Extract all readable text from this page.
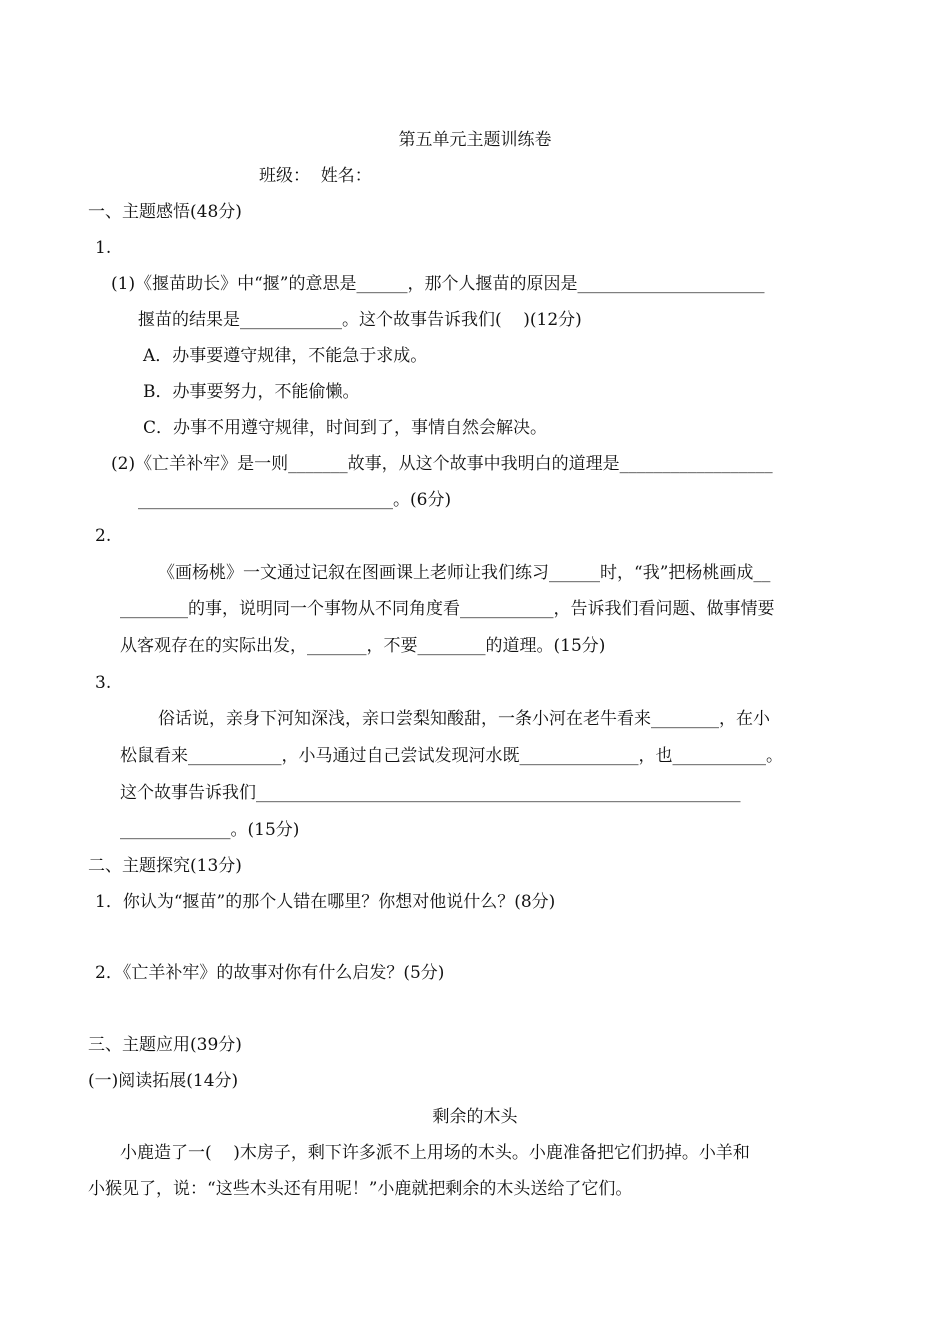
第五单元主题训练卷
班级：  姓名：
一、主题感悟(48分)
1.
(1)《揠苗助长》中“揠”的意思是______，那个人揠苗的原因是______________________
揠苗的结果是____________。这个故事告诉我们(    )(12分)
A．办事要遵守规律，不能急于求成。
B．办事要努力，不能偷懒。
C．办事不用遵守规律，时间到了，事情自然会解决。
(2)《亡羊补牢》是一则_______故事，从这个故事中我明白的道理是__________________
______________________________。(6分)
2.
《画杨桃》一文通过记叙在图画课上老师让我们练习______时，“我”把杨桃画成__
________的事，说明同一个事物从不同角度看___________，告诉我们看问题、做事情要
从客观存在的实际出发，_______，不要________的道理。(15分)
3.
俗话说，亲身下河知深浅，亲口尝梨知酸甜，一条小河在老牛看来________，在小
松鼠看来___________，小马通过自己尝试发现河水既______________，也___________。
这个故事告诉我们_________________________________________________________
_____________。(15分)
二、主题探究(13分)
1．你认为“揠苗”的那个人错在哪里？你想对他说什么？(8分)
2．《亡羊补牢》的故事对你有什么启发？(5分)
三、主题应用(39分)
(一)阅读拓展(14分)
剩余的木头
小鹿造了一(    )木房子，剩下许多派不上用场的木头。小鹿准备把它们扔掉。小羊和
小猴见了，说：“这些木头还有用呢！”小鹿就把剩余的木头送给了它们。
